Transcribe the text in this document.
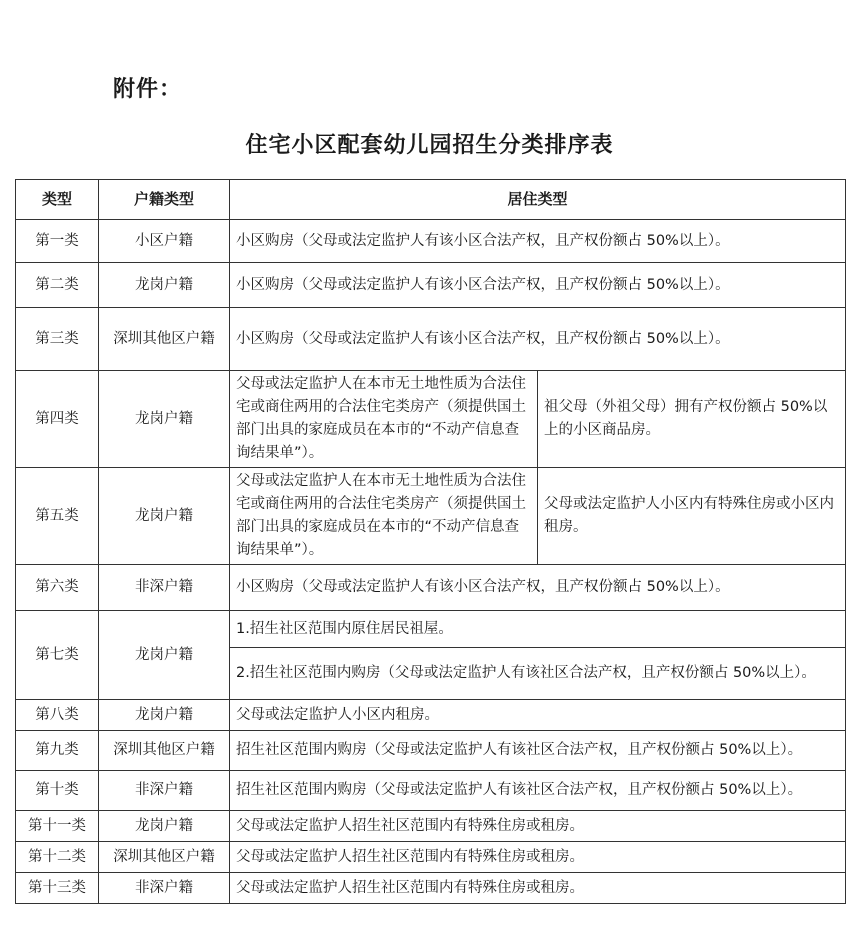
附件：
住宅小区配套幼儿园招生分类排序表
类型	户籍类型	居住类型	
第一类	小区户籍	小区购房（父母或法定监护人有该小区合法产权，且产权份额占 50%以上）。	
第二类	龙岗户籍	小区购房（父母或法定监护人有该小区合法产权，且产权份额占 50%以上）。	
第三类	深圳其他区户籍	小区购房（父母或法定监护人有该小区合法产权，且产权份额占 50%以上）。	
第四类	龙岗户籍	父母或法定监护人在本市无土地性质为合法住宅或商住两用的合法住宅类房产（须提供国土部门出具的家庭成员在本市的“不动产信息查询结果单”）。	祖父母（外祖父母）拥有产权份额占 50%以上的小区商品房。
第五类	龙岗户籍	父母或法定监护人在本市无土地性质为合法住宅或商住两用的合法住宅类房产（须提供国土部门出具的家庭成员在本市的“不动产信息查询结果单”）。	父母或法定监护人小区内有特殊住房或小区内租房。
第六类	非深户籍	小区购房（父母或法定监护人有该小区合法产权，且产权份额占 50%以上）。	
第七类	龙岗户籍	1.招生社区范围内原住居民祖屋。	
		2.招生社区范围内购房（父母或法定监护人有该社区合法产权，且产权份额占 50%以上）。	
第八类	龙岗户籍	父母或法定监护人小区内租房。	
第九类	深圳其他区户籍	招生社区范围内购房（父母或法定监护人有该社区合法产权，且产权份额占 50%以上）。	
第十类	非深户籍	招生社区范围内购房（父母或法定监护人有该社区合法产权，且产权份额占 50%以上）。	
第十一类	龙岗户籍	父母或法定监护人招生社区范围内有特殊住房或租房。	
第十二类	深圳其他区户籍	父母或法定监护人招生社区范围内有特殊住房或租房。	
第十三类	非深户籍	父母或法定监护人招生社区范围内有特殊住房或租房。	
